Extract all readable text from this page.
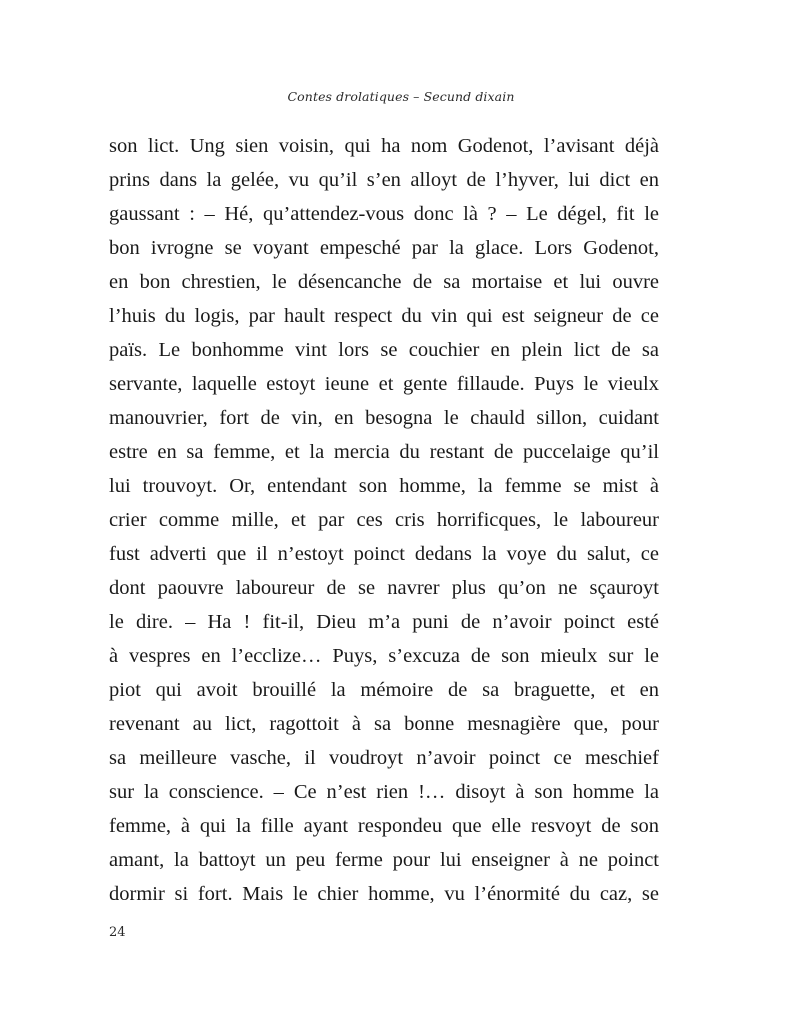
Contes drolatiques – Secund dixain
son lict. Ung sien voisin, qui ha nom Godenot, l’avisant déjà
prins dans la gelée, vu qu’il s’en alloyt de l’hyver, lui dict en
gaussant : – Hé, qu’attendez-vous donc là ? – Le dégel, fit le
bon ivrogne se voyant empesché par la glace. Lors Godenot,
en bon chrestien, le désencanche de sa mortaise et lui ouvre
l’huis du logis, par hault respect du vin qui est seigneur de ce
païs. Le bonhomme vint lors se couchier en plein lict de sa
servante, laquelle estoyt ieune et gente fillaude. Puys le vieulx
manouvrier, fort de vin, en besogna le chauld sillon, cuidant
estre en sa femme, et la mercia du restant de puccelaige qu’il
lui trouvoyt. Or, entendant son homme, la femme se mist à
crier comme mille, et par ces cris horrificques, le laboureur
fust adverti que il n’estoyt poinct dedans la voye du salut, ce
dont paouvre laboureur de se navrer plus qu’on ne sçauroyt
le dire. – Ha ! fit-il, Dieu m’a puni de n’avoir poinct esté
à vespres en l’ecclize… Puys, s’excuza de son mieulx sur le
piot qui avoit brouillé la mémoire de sa braguette, et en
revenant au lict, ragottoit à sa bonne mesnagière que, pour
sa meilleure vasche, il voudroyt n’avoir poinct ce meschief
sur la conscience. – Ce n’est rien !… disoyt à son homme la
femme, à qui la fille ayant respondeu que elle resvoyt de son
amant, la battoyt un peu ferme pour lui enseigner à ne poinct
dormir si fort. Mais le chier homme, vu l’énormité du caz, se
24
